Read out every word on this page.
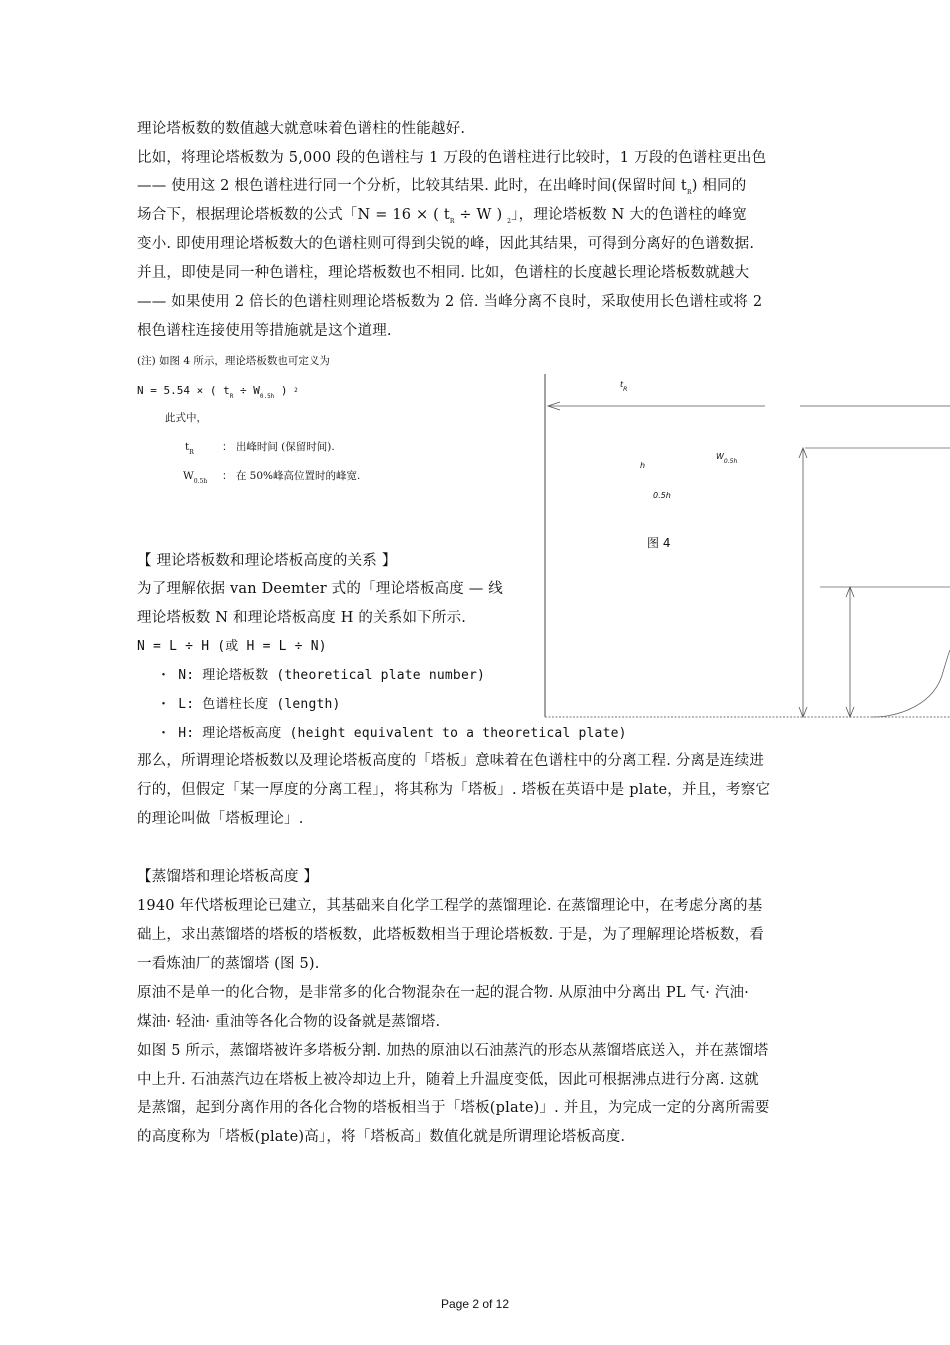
理论塔板数的数值越大就意味着色谱柱的性能越好.
比如，将理论塔板数为 5,000 段的色谱柱与 1 万段的色谱柱进行比较时，1 万段的色谱柱更出色
—— 使用这 2 根色谱柱进行同一个分析，比较其结果. 此时，在出峰时间(保留时间 $t_R$) 相同的
场合下，根据理论塔板数的公式「N = 16 × ( $t_R \div W$ ) $_2$」，理论塔板数 N 大的色谱柱的峰宽
变小. 即使用理论塔板数大的色谱柱则可得到尖锐的峰，因此其结果，可得到分离好的色谱数据.
并且，即使是同一种色谱柱，理论塔板数也不相同. 比如，色谱柱的长度越长理论塔板数就越大
—— 如果使用 2 倍长的色谱柱则理论塔板数为 2 倍. 当峰分离不良时，采取使用长色谱柱或将 2
根色谱柱连接使用等措施就是这个道理.
(注) 如图 4 所示，理论塔板数也可定义为
N = 5.54 × ( $t_R \div W_{0.5h}$ ) $^2$
此式中，
$t_R$	： 出峰时间 (保留时间).
$W_{0.5h}$ ： 在 50%峰高位置时的峰宽.
$t_R$
$W_{0.5h}$
h
0.5h
图 4
【 理论塔板数和理论塔板高度的关系 】
为了理解依据 van Deemter 式的「理论塔板高度 — 线
理论塔板数 N 和理论塔板高度 H 的关系如下所示.
N = L ÷ H (或 H = L ÷ N)
・ N: 理论塔板数 (theoretical plate number)
・ L: 色谱柱长度 (length)
・ H: 理论塔板高度 (height equivalent to a theoretical plate)
那么，所谓理论塔板数以及理论塔板高度的「塔板」意味着在色谱柱中的分离工程. 分离是连续进
行的，但假定「某一厚度的分离工程」，将其称为「塔板」. 塔板在英语中是 plate，并且，考察它
的理论叫做「塔板理论」.
【蒸馏塔和理论塔板高度 】
1940 年代塔板理论已建立，其基础来自化学工程学的蒸馏理论. 在蒸馏理论中，在考虑分离的基
础上，求出蒸馏塔的塔板的塔板数，此塔板数相当于理论塔板数. 于是，为了理解理论塔板数，看
一看炼油厂的蒸馏塔 (图 5).
原油不是单一的化合物，是非常多的化合物混杂在一起的混合物. 从原油中分离出 PL 气· 汽油·
煤油· 轻油· 重油等各化合物的设备就是蒸馏塔.
如图 5 所示，蒸馏塔被许多塔板分割. 加热的原油以石油蒸汽的形态从蒸馏塔底送入，并在蒸馏塔
中上升. 石油蒸汽边在塔板上被冷却边上升，随着上升温度变低，因此可根据沸点进行分离. 这就
是蒸馏，起到分离作用的各化合物的塔板相当于「塔板(plate)」. 并且，为完成一定的分离所需要
的高度称为「塔板(plate)高」，将「塔板高」数值化就是所谓理论塔板高度.
Page 2 of 12
